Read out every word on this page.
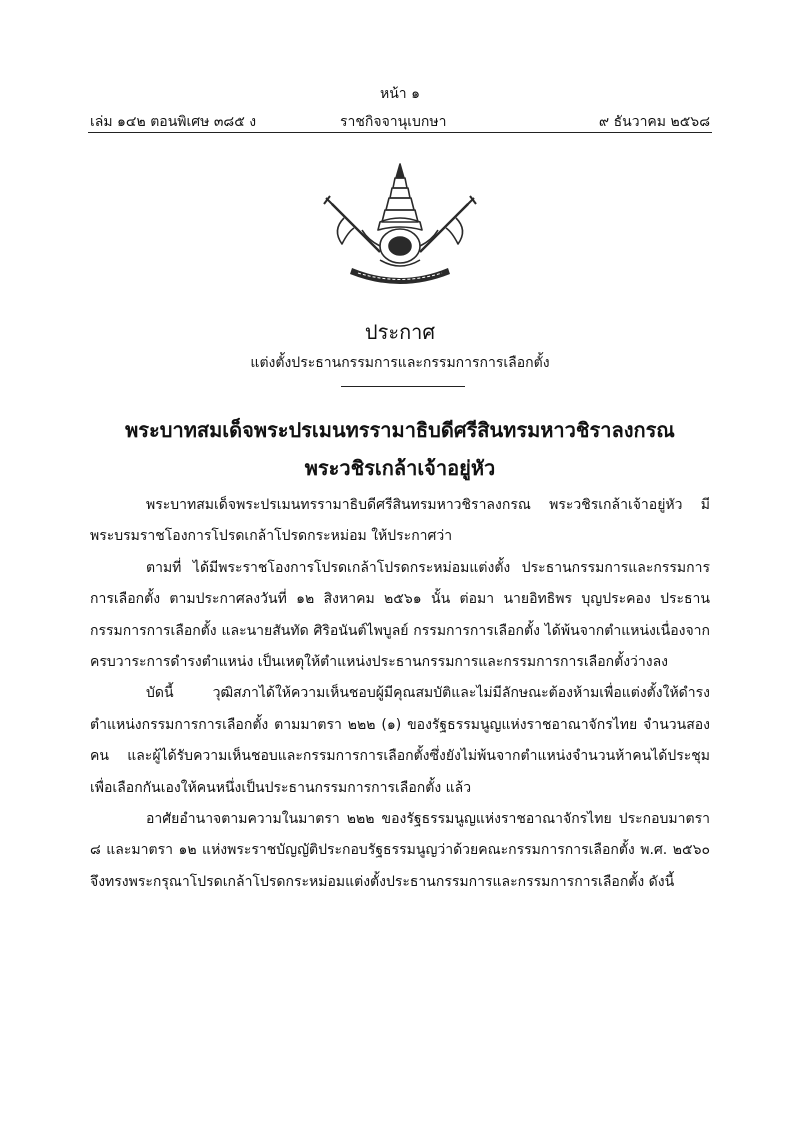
หน้า ๑
เล่ม ๑๔๒ ตอนพิเศษ ๓๘๕ ง	ราชกิจจานุเบกษา	๙ ธันวาคม ๒๕๖๘
ประกาศ
แต่งตั้งประธานกรรมการและกรรมการการเลือกตั้ง
พระบาทสมเด็จพระปรเมนทรรามาธิบดีศรีสินทรมหาวชิราลงกรณ
พระวชิรเกล้าเจ้าอยู่หัว

พระบาทสมเด็จพระปรเมนทรรามาธิบดีศรีสินทรมหาวชิราลงกรณ พระวชิรเกล้าเจ้าอยู่หัว มีพระบรมราชโองการโปรดเกล้าโปรดกระหม่อม ให้ประกาศว่า

ตามที่ ได้มีพระราชโองการโปรดเกล้าโปรดกระหม่อมแต่งตั้ง ประธานกรรมการและกรรมการการเลือกตั้ง ตามประกาศลงวันที่ ๑๒ สิงหาคม ๒๕๖๑ นั้น ต่อมา นายอิทธิพร บุญประคอง ประธานกรรมการการเลือกตั้ง และนายสันทัด ศิริอนันต์ไพบูลย์ กรรมการการเลือกตั้ง ได้พ้นจากตำแหน่งเนื่องจากครบวาระการดำรงตำแหน่ง เป็นเหตุให้ตำแหน่งประธานกรรมการและกรรมการการเลือกตั้งว่างลง

บัดนี้ วุฒิสภาได้ให้ความเห็นชอบผู้มีคุณสมบัติและไม่มีลักษณะต้องห้ามเพื่อแต่งตั้งให้ดำรงตำแหน่งกรรมการการเลือกตั้ง ตามมาตรา ๒๒๒ (๑) ของรัฐธรรมนูญแห่งราชอาณาจักรไทย จำนวนสองคน และผู้ได้รับความเห็นชอบและกรรมการการเลือกตั้งซึ่งยังไม่พ้นจากตำแหน่งจำนวนห้าคนได้ประชุมเพื่อเลือกกันเองให้คนหนึ่งเป็นประธานกรรมการการเลือกตั้ง แล้ว

อาศัยอำนาจตามความในมาตรา ๒๒๒ ของรัฐธรรมนูญแห่งราชอาณาจักรไทย ประกอบมาตรา ๘ และมาตรา ๑๒ แห่งพระราชบัญญัติประกอบรัฐธรรมนูญว่าด้วยคณะกรรมการการเลือกตั้ง พ.ศ. ๒๕๖๐ จึงทรงพระกรุณาโปรดเกล้าโปรดกระหม่อมแต่งตั้งประธานกรรมการและกรรมการการเลือกตั้ง ดังนี้
